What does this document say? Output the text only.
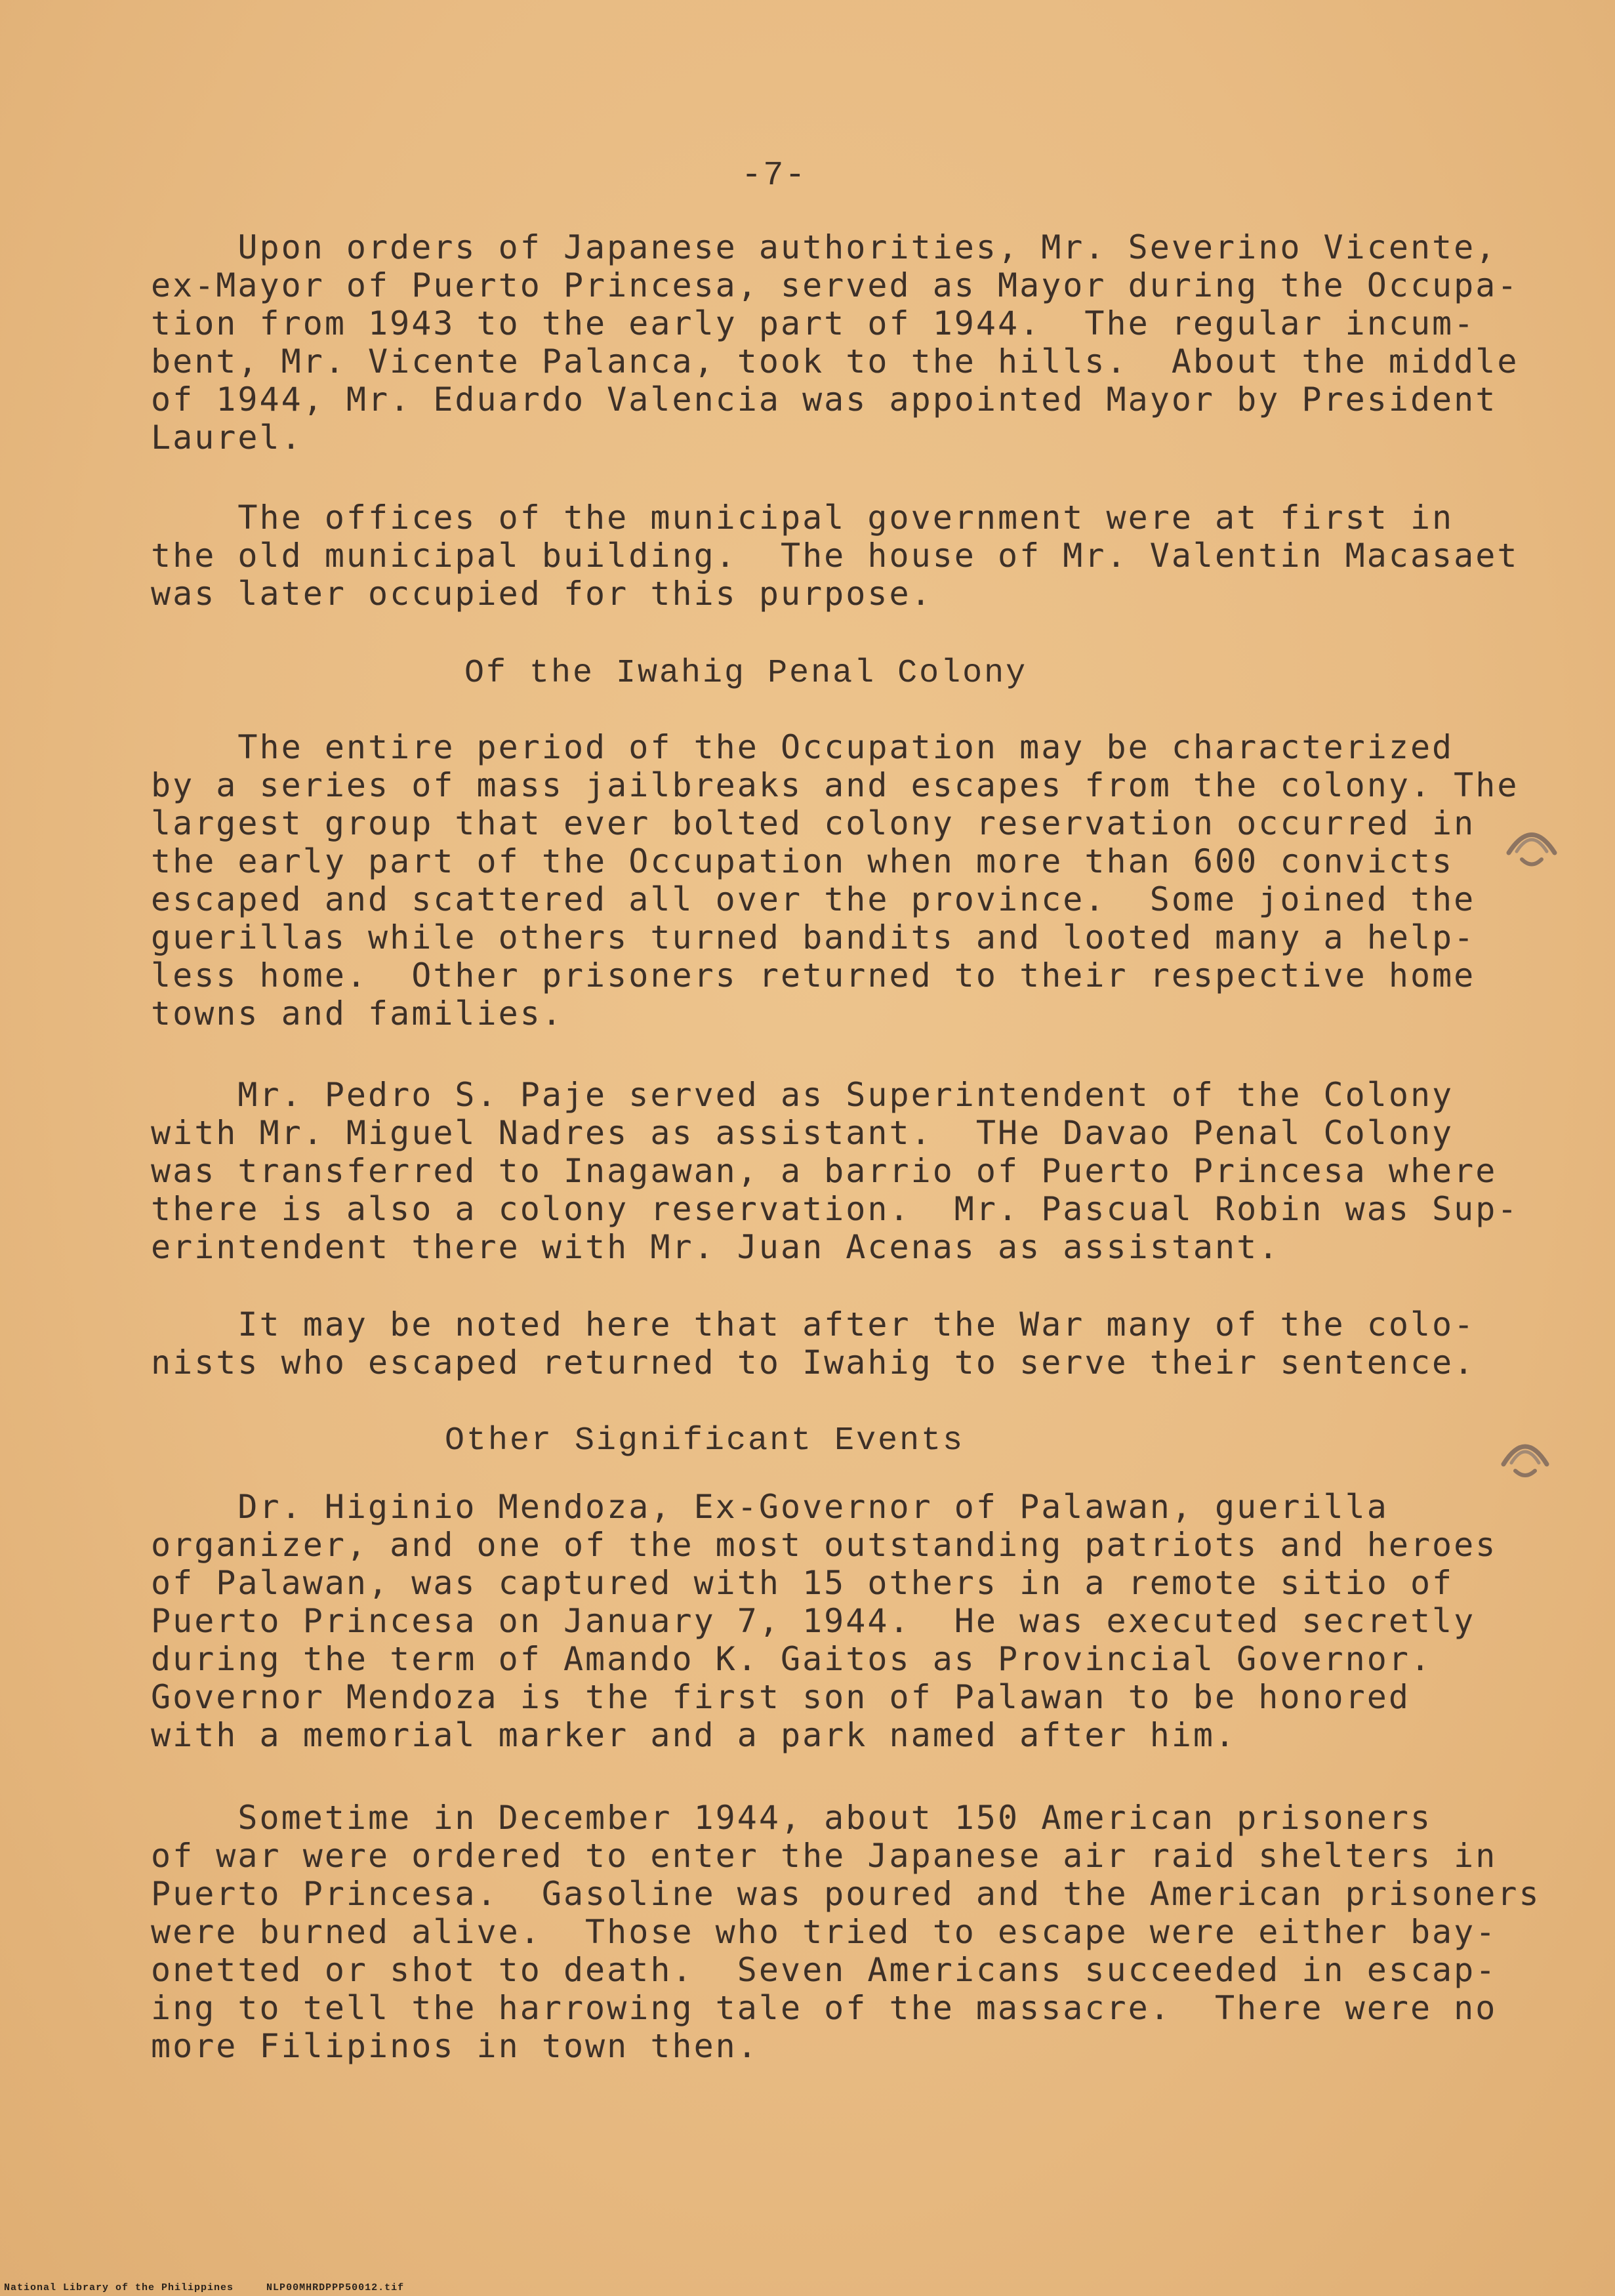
-7-
Upon orders of Japanese authorities, Mr. Severino Vicente,
ex-Mayor of Puerto Princesa, served as Mayor during the Occupa-
tion from 1943 to the early part of 1944.  The regular incum-
bent, Mr. Vicente Palanca, took to the hills.  About the middle
of 1944, Mr. Eduardo Valencia was appointed Mayor by President
Laurel.
The offices of the municipal government were at first in
the old municipal building.  The house of Mr. Valentin Macasaet
was later occupied for this purpose.
Of the Iwahig Penal Colony
The entire period of the Occupation may be characterized
by a series of mass jailbreaks and escapes from the colony. The
largest group that ever bolted colony reservation occurred in
the early part of the Occupation when more than 600 convicts
escaped and scattered all over the province.  Some joined the
guerillas while others turned bandits and looted many a help-
less home.  Other prisoners returned to their respective home
towns and families.
Mr. Pedro S. Paje served as Superintendent of the Colony
with Mr. Miguel Nadres as assistant.  THe Davao Penal Colony
was transferred to Inagawan, a barrio of Puerto Princesa where
there is also a colony reservation.  Mr. Pascual Robin was Sup-
erintendent there with Mr. Juan Acenas as assistant.
It may be noted here that after the War many of the colo-
nists who escaped returned to Iwahig to serve their sentence.
Other Significant Events
Dr. Higinio Mendoza, Ex-Governor of Palawan, guerilla
organizer, and one of the most outstanding patriots and heroes
of Palawan, was captured with 15 others in a remote sitio of
Puerto Princesa on January 7, 1944.  He was executed secretly
during the term of Amando K. Gaitos as Provincial Governor.
Governor Mendoza is the first son of Palawan to be honored
with a memorial marker and a park named after him.
Sometime in December 1944, about 150 American prisoners
of war were ordered to enter the Japanese air raid shelters in
Puerto Princesa.  Gasoline was poured and the American prisoners
were burned alive.  Those who tried to escape were either bay-
onetted or shot to death.  Seven Americans succeeded in escap-
ing to tell the harrowing tale of the massacre.  There were no
more Filipinos in town then.
National Library of the Philippines     NLP00MHRDPPP50012.tif
